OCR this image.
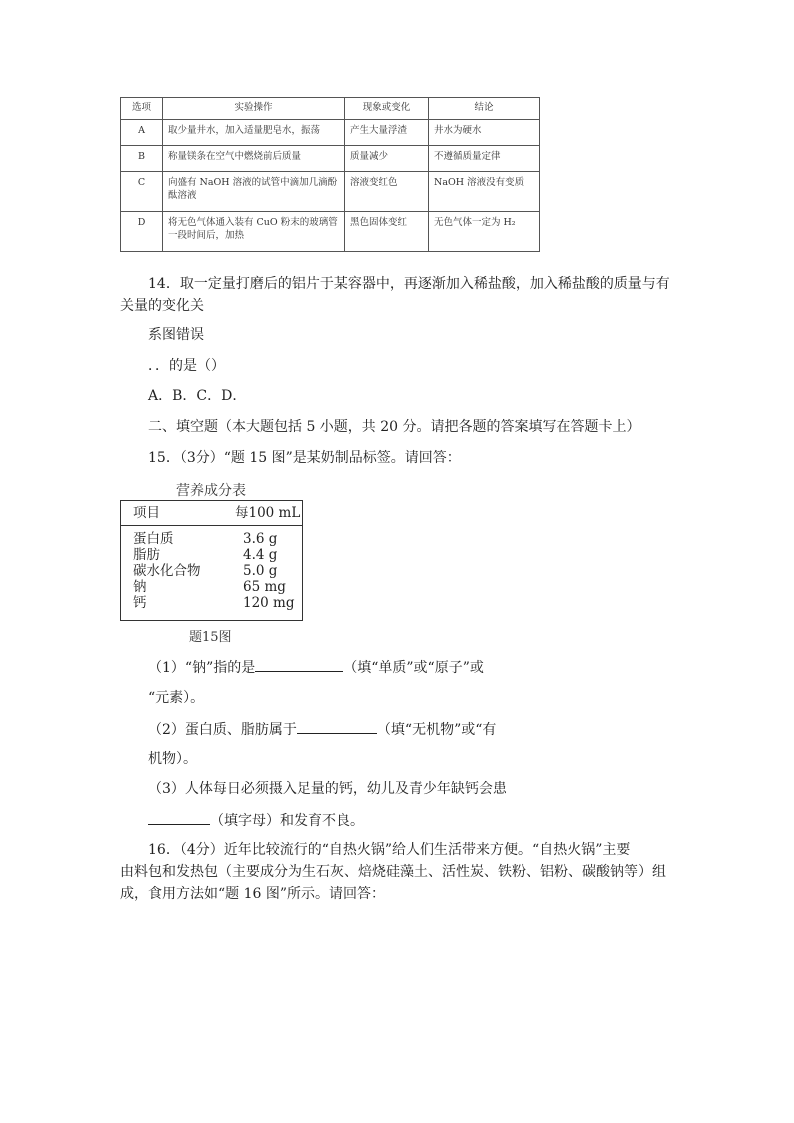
选项	实验操作	现象或变化	结论
A	取少量井水，加入适量肥皂水，振荡	产生大量浮渣	井水为硬水
B	称量镁条在空气中燃烧前后质量	质量减少	不遵循质量定律
C	向盛有 NaOH 溶液的试管中滴加几滴酚酞溶液	溶液变红色	NaOH 溶液没有变质
D	将无色气体通入装有 CuO 粉末的玻璃管一段时间后，加热	黑色固体变红	无色气体一定为 H₂
14．取一定量打磨后的铝片于某容器中，再逐渐加入稀盐酸，加入稀盐酸的质量与有
关量的变化关
系图错误
．．的是（）
A．B．C．D．
二、填空题（本大题包括 5 小题，共 20 分。请把各题的答案填写在答题卡上）
15．（3分）“题 15 图”是某奶制品标签。请回答：
营养成分表
项目	每100 mL
蛋白质	3.6 g
脂肪	4.4 g
碳水化合物	5.0 g
钠	65 mg
钙	120 mg
题15图
（1）“钠”指的是	（填“单质”或“原子”或
“元素）。
（2）蛋白质、脂肪属于	（填“无机物”或“有
机物）。
（3）人体每日必须摄入足量的钙，幼儿及青少年缺钙会患
（填字母）和发育不良。
16．（4分）近年比较流行的“自热火锅”给人们生活带来方便。“自热火锅”主要
由料包和发热包（主要成分为生石灰、焙烧硅藻土、活性炭、铁粉、铝粉、碳酸钠等）组
成，食用方法如“题 16 图”所示。请回答：
